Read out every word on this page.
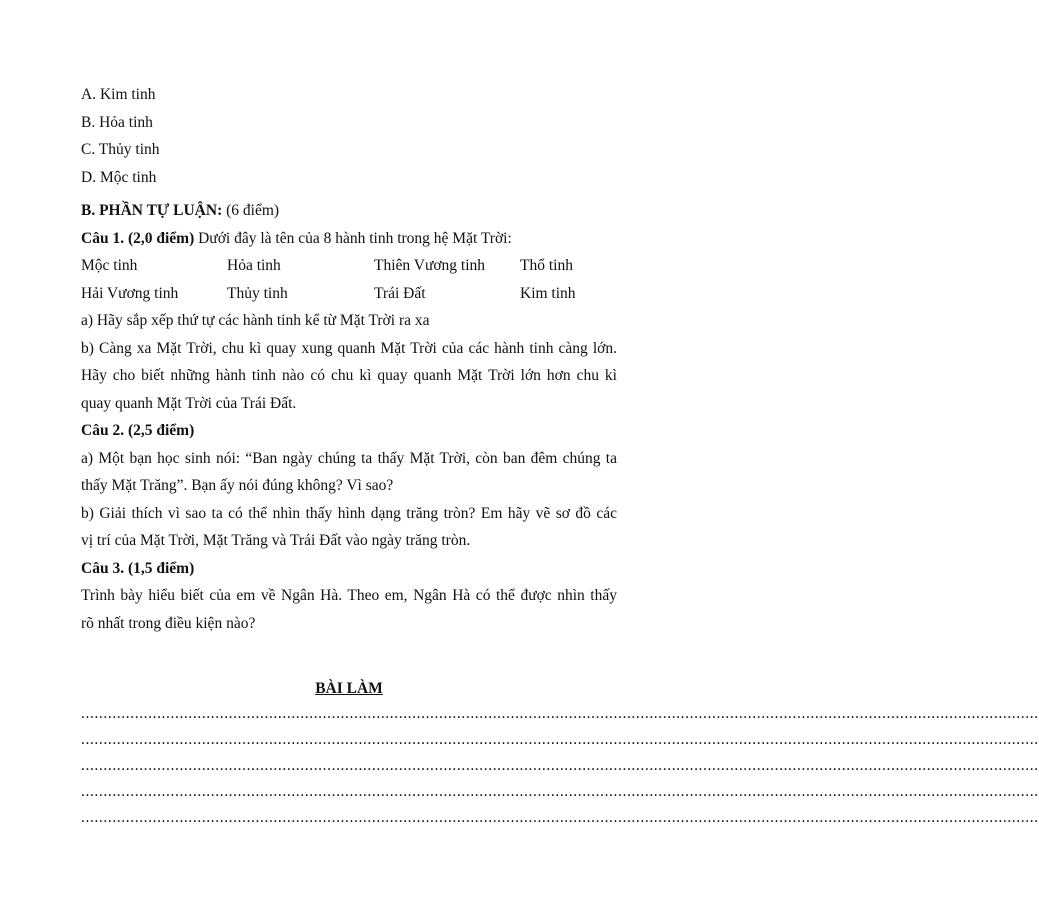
A. Kim tinh
B. Hỏa tinh
C. Thủy tinh
D. Mộc tinh
B. PHẦN TỰ LUẬN: (6 điểm)
Câu 1. (2,0 điểm) Dưới đây là tên của 8 hành tinh trong hệ Mặt Trời:
Mộc tinh	Hỏa tinh	Thiên Vương tinh	Thổ tinh
Hải Vương tinh	Thủy tinh	Trái Đất	Kim tinh
a) Hãy sắp xếp thứ tự các hành tinh kể từ Mặt Trời ra xa
b) Càng xa Mặt Trời, chu kì quay xung quanh Mặt Trời của các hành tinh càng lớn.
Hãy cho biết những hành tinh nào có chu kì quay quanh Mặt Trời lớn hơn chu kì
quay quanh Mặt Trời của Trái Đất.
Câu 2. (2,5 điểm)
a) Một bạn học sinh nói: “Ban ngày chúng ta thấy Mặt Trời, còn ban đêm chúng ta
thấy Mặt Trăng”. Bạn ấy nói đúng không? Vì sao?
b) Giải thích vì sao ta có thể nhìn thấy hình dạng trăng tròn? Em hãy vẽ sơ đồ các
vị trí của Mặt Trời, Mặt Trăng và Trái Đất vào ngày trăng tròn.
Câu 3. (1,5 điểm)
Trình bày hiểu biết của em về Ngân Hà. Theo em, Ngân Hà có thể được nhìn thấy
rõ nhất trong điều kiện nào?
BÀI LÀM
......................................................................................................................................................................................................................
......................................................................................................................................................................................................................
......................................................................................................................................................................................................................
......................................................................................................................................................................................................................
......................................................................................................................................................................................................................
